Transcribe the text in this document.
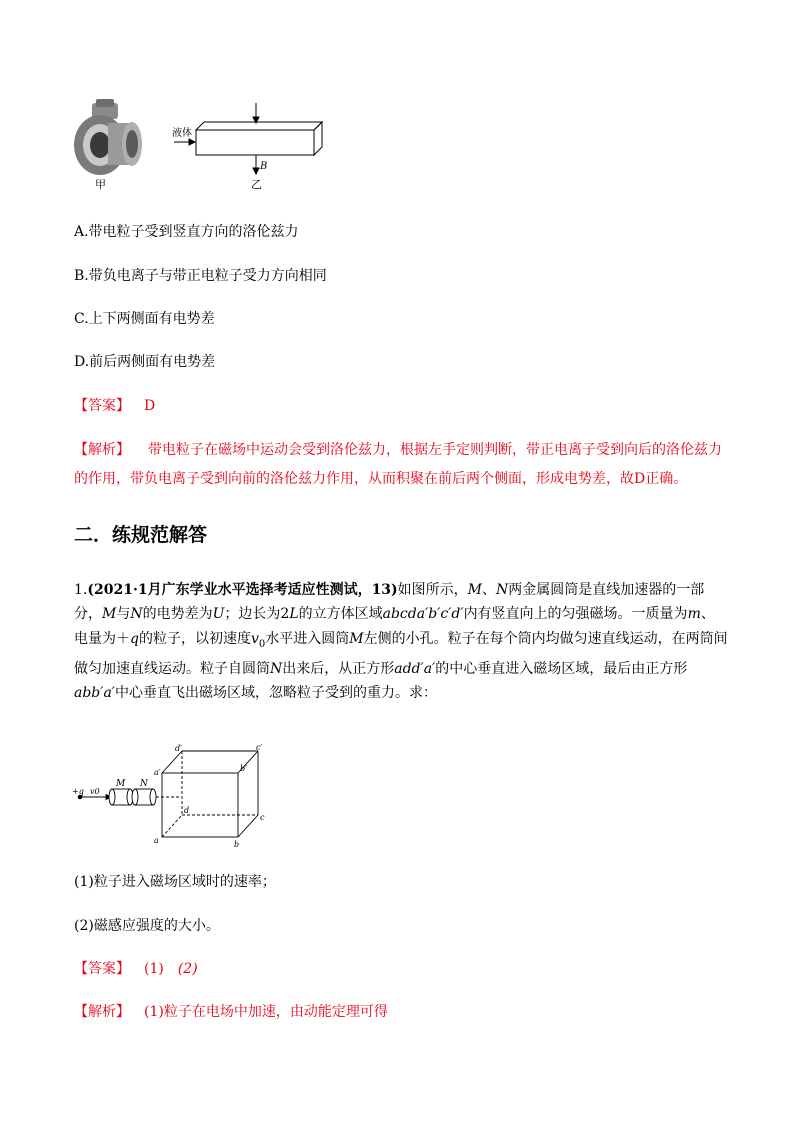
甲
液体
B
乙
A.带电粒子受到竖直方向的洛伦兹力
B.带负电离子与带正电粒子受力方向相同
C.上下两侧面有电势差
D.前后两侧面有电势差
【答案】 D
【解析】 带电粒子在磁场中运动会受到洛伦兹力，根据左手定则判断，带正电离子受到向后的洛伦兹力
的作用，带负电离子受到向前的洛伦兹力作用，从而积聚在前后两个侧面，形成电势差，故D正确。
二．练规范解答
1.(2021·1月广东学业水平选择考适应性测试，13)如图所示，M、N两金属圆筒是直线加速器的一部分，M与N的电势差为U；边长为2L的立方体区域abcda′b′c′d′内有竖直向上的匀强磁场。一质量为m、电量为＋q的粒子，以初速度$v_0$水平进入圆筒M左侧的小孔。粒子在每个筒内均做匀速直线运动，在两筒间做匀加速直线运动。粒子自圆筒N出来后，从正方形add′a′的中心垂直进入磁场区域，最后由正方形abb′a′中心垂直飞出磁场区域，忽略粒子受到的重力。求：
+q v0
M N
d′	c′
a′	b′
d
c
a	b
(1)粒子进入磁场区域时的速率；
(2)磁感应强度的大小。
【答案】 (1) (2)
【解析】 (1)粒子在电场中加速，由动能定理可得
